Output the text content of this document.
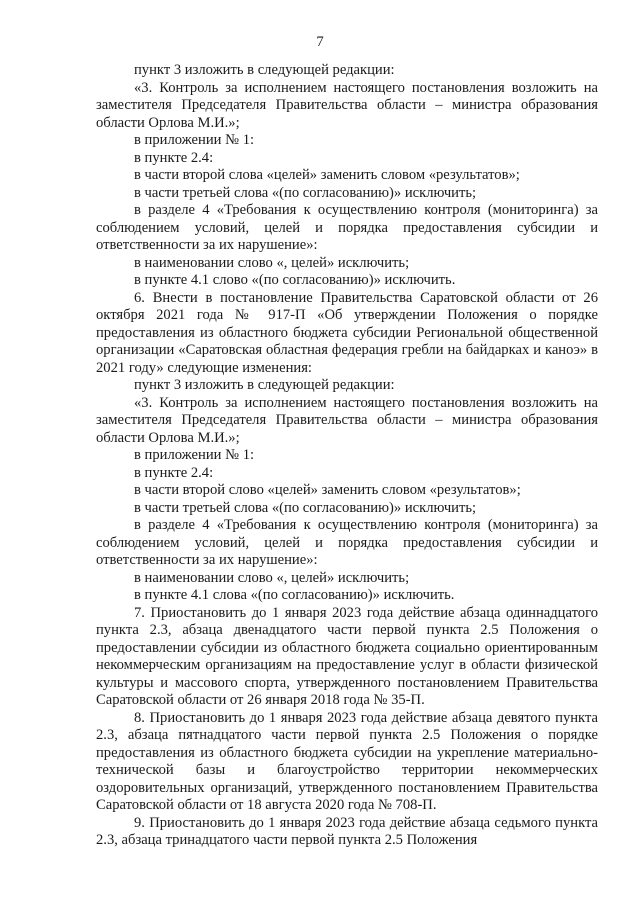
7

пункт 3 изложить в следующей редакции:

«3. Контроль за исполнением настоящего постановления возложить на заместителя Председателя Правительства области – министра образования области Орлова М.И.»;

в приложении № 1:

в пункте 2.4:

в части второй слова «целей» заменить словом «результатов»;

в части третьей слова «(по согласованию)» исключить;

в разделе 4 «Требования к осуществлению контроля (мониторинга) за соблюдением условий, целей и порядка предоставления субсидии и ответственности за их нарушение»:

в наименовании слово «, целей» исключить;

в пункте 4.1 слово «(по согласованию)» исключить.

6. Внести в постановление Правительства Саратовской области от 26 октября 2021 года № 917-П «Об утверждении Положения о порядке предоставления из областного бюджета субсидии Региональной общественной организации «Саратовская областная федерация гребли на байдарках и каноэ» в 2021 году» следующие изменения:

пункт 3 изложить в следующей редакции:

«3. Контроль за исполнением настоящего постановления возложить на заместителя Председателя Правительства области – министра образования области Орлова М.И.»;

в приложении № 1:

в пункте 2.4:

в части второй слово «целей» заменить словом «результатов»;

в части третьей слова «(по согласованию)» исключить;

в разделе 4 «Требования к осуществлению контроля (мониторинга) за соблюдением условий, целей и порядка предоставления субсидии и ответственности за их нарушение»:

в наименовании слово «, целей» исключить;

в пункте 4.1 слова «(по согласованию)» исключить.

7. Приостановить до 1 января 2023 года действие абзаца одиннадцатого пункта 2.3, абзаца двенадцатого части первой пункта 2.5 Положения о предоставлении субсидии из областного бюджета социально ориентированным некоммерческим организациям на предоставление услуг в области физической культуры и массового спорта, утвержденного постановлением Правительства Саратовской области от 26 января 2018 года № 35-П.

8. Приостановить до 1 января 2023 года действие абзаца девятого пункта 2.3, абзаца пятнадцатого части первой пункта 2.5 Положения о порядке предоставления из областного бюджета субсидии на укрепление материально-технической базы и благоустройство территории некоммерческих оздоровительных организаций, утвержденного постановлением Правительства Саратовской области от 18 августа 2020 года № 708-П.

9. Приостановить до 1 января 2023 года действие абзаца седьмого пункта 2.3, абзаца тринадцатого части первой пункта 2.5 Положения
